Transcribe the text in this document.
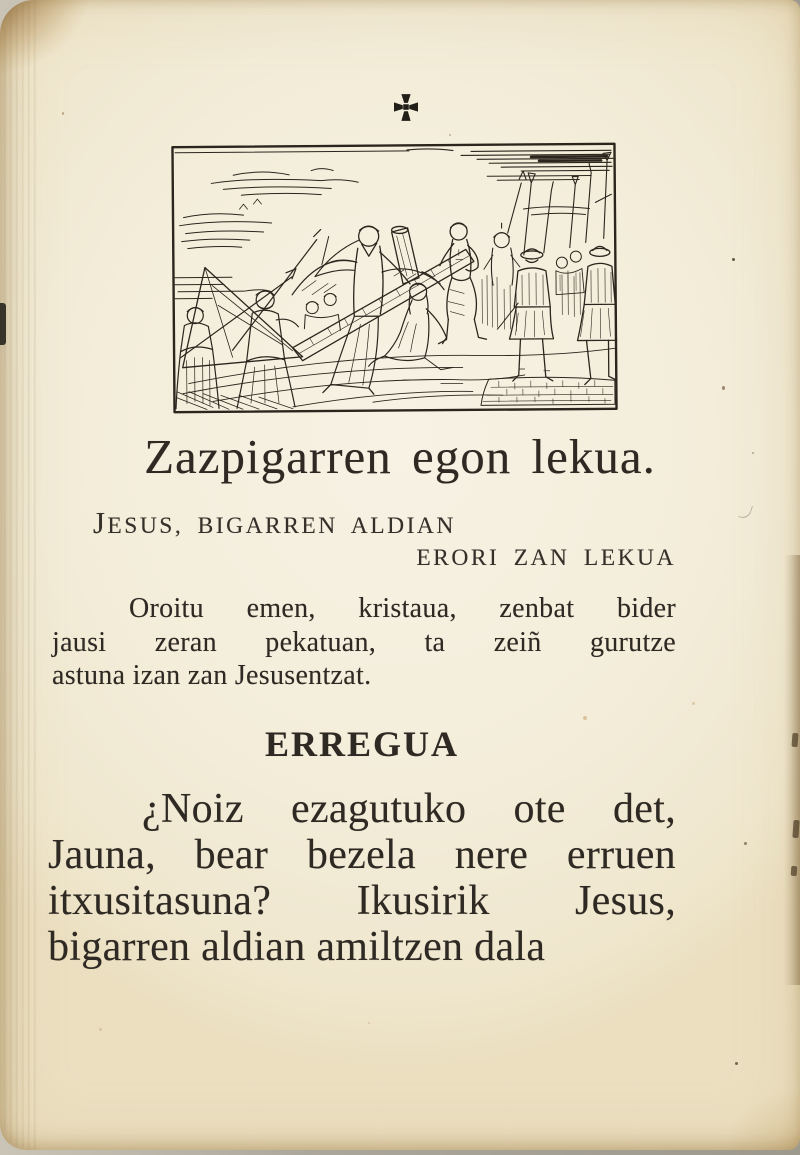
Zazpigarren egon lekua.
JESUS, BIGARREN ALDIAN
ERORI ZAN LEKUA
Oroitu emen, kristaua, zenbat bider
jausi zeran pekatuan, ta zeiñ gurutze
astuna izan zan Jesusentzat.
ERREGUA
¿Noiz ezagutuko ote det,
Jauna, bear bezela nere erruen
itxusitasuna? Ikusirik Jesus,
bigarren aldian amiltzen dala
